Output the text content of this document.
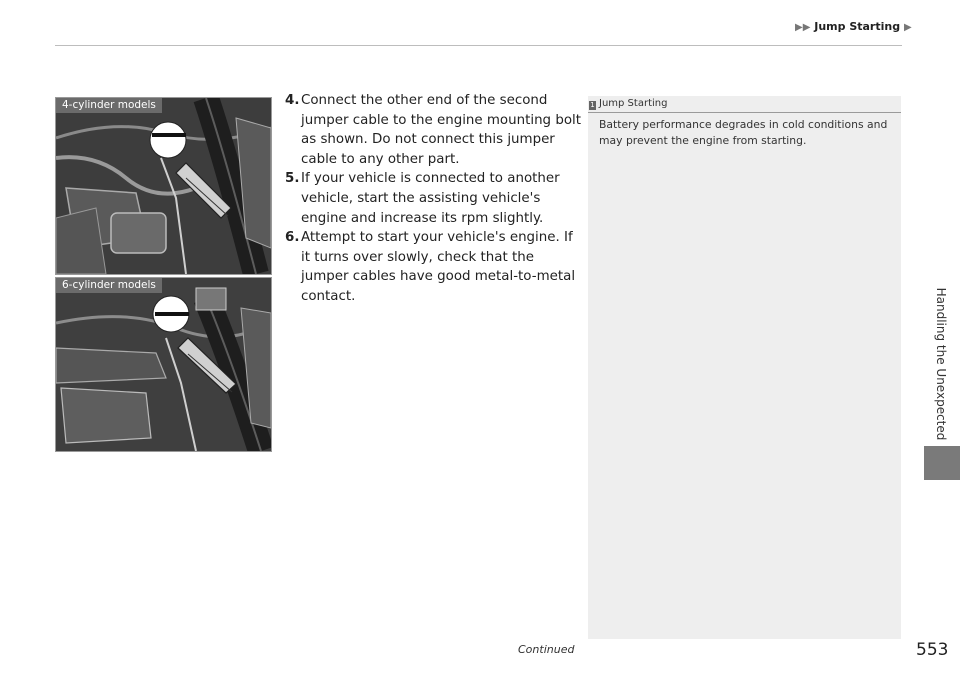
▶▶ Jump Starting ▶
Handling the Unexpected
4-cylinder models
6-cylinder models

4. Connect the other end of the second jumper cable to the engine mounting bolt as shown. Do not connect this jumper cable to any other part.

5. If your vehicle is connected to another vehicle, start the assisting vehicle's engine and increase its rpm slightly.

6. Attempt to start your vehicle's engine. If it turns over slowly, check that the jumper cables have good metal-to-metal contact.

1 Jump Starting
Battery performance degrades in cold conditions and may prevent the engine from starting.
Continued	553
